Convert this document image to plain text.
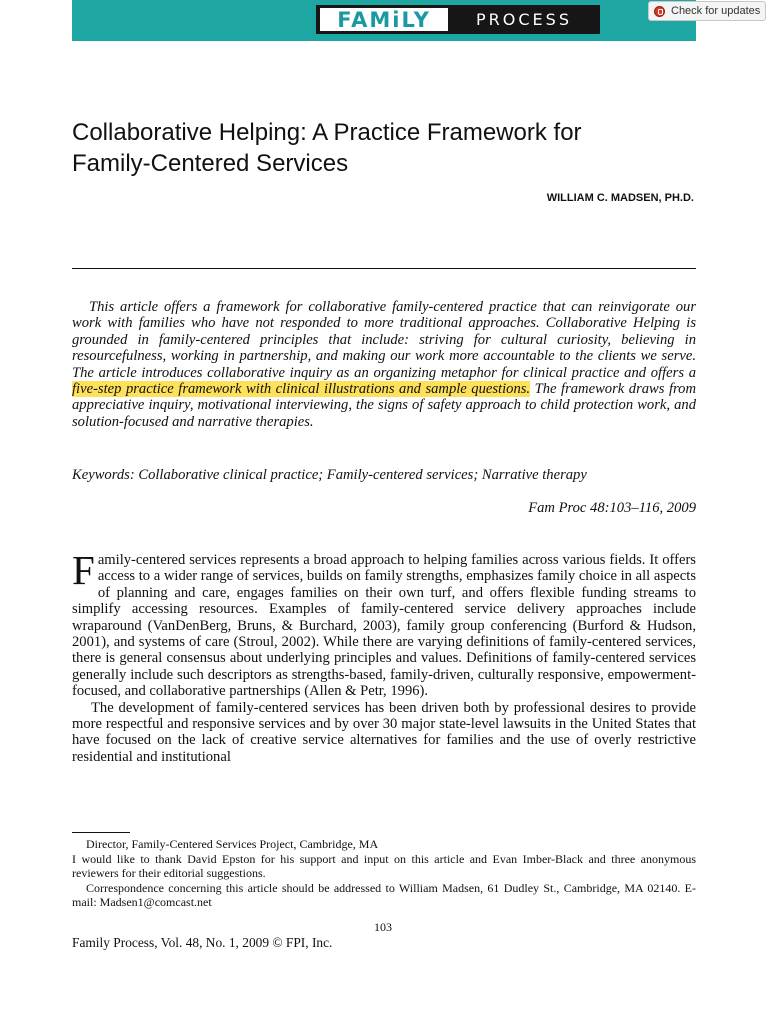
FAMiLY	PROCESS	Check for updates
Collaborative Helping: A Practice Framework for
Family-Centered Services

WILLIAM C. MADSEN, PH.D.

This article offers a framework for collaborative family-centered practice that can reinvigorate our work with families who have not responded to more traditional approaches. Collaborative Helping is grounded in family-centered principles that include: striving for cultural curiosity, believing in resourcefulness, working in partnership, and making our work more accountable to the clients we serve. The article introduces collaborative inquiry as an organizing metaphor for clinical practice and offers a five-step practice framework with clinical illustrations and sample questions. The framework draws from appreciative inquiry, motivational interviewing, the signs of safety approach to child protection work, and solution-focused and narrative therapies.

Keywords: Collaborative clinical practice; Family-centered services; Narrative therapy

Fam Proc 48:103–116, 2009

Family-centered services represents a broad approach to helping families across various fields. It offers access to a wider range of services, builds on family strengths, emphasizes family choice in all aspects of planning and care, engages families on their own turf, and offers flexible funding streams to simplify accessing resources. Examples of family-centered service delivery approaches include wraparound (VanDenBerg, Bruns, & Burchard, 2003), family group conferencing (Burford & Hudson, 2001), and systems of care (Stroul, 2002). While there are varying definitions of family-centered services, there is general consensus about underlying principles and values. Definitions of family-centered services generally include such descriptors as strengths-based, family-driven, culturally responsive, empowerment-focused, and collaborative partnerships (Allen & Petr, 1996).

The development of family-centered services has been driven both by professional desires to provide more respectful and responsive services and by over 30 major state-level lawsuits in the United States that have focused on the lack of creative service alternatives for families and the use of overly restrictive residential and institutional

Director, Family-Centered Services Project, Cambridge, MA

I would like to thank David Epston for his support and input on this article and Evan Imber-Black and three anonymous reviewers for their editorial suggestions.

Correspondence concerning this article should be addressed to William Madsen, 61 Dudley St., Cambridge, MA 02140. E-mail: Madsen1@comcast.net

103

Family Process, Vol. 48, No. 1, 2009 © FPI, Inc.
